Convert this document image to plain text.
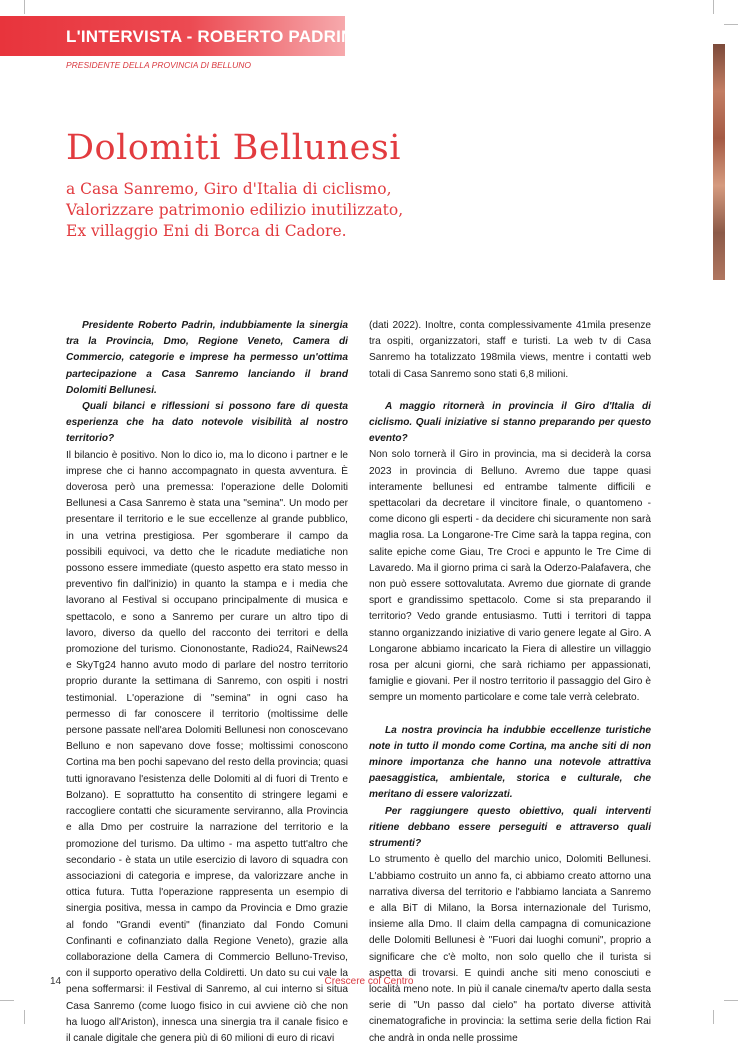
L'INTERVISTA - ROBERTO PADRIN
PRESIDENTE DELLA PROVINCIA DI BELLUNO
Dolomiti Bellunesi
a Casa Sanremo, Giro d'Italia di ciclismo,
Valorizzare patrimonio edilizio inutilizzato,
Ex villaggio Eni di Borca di Cadore.

Presidente Roberto Padrin, indubbiamente la sinergia tra la Provincia, Dmo, Regione Veneto, Camera di Commercio, categorie e imprese ha permesso un'ottima partecipazione a Casa Sanremo lanciando il brand Dolomiti Bellunesi.

Quali bilanci e riflessioni si possono fare di questa esperienza che ha dato notevole visibilità al nostro territorio?

Il bilancio è positivo. Non lo dico io, ma lo dicono i partner e le imprese che ci hanno accompagnato in questa avventura. È doverosa però una premessa: l'operazione delle Dolomiti Bellunesi a Casa Sanremo è stata una "semina". Un modo per presentare il territorio e le sue eccellenze al grande pubblico, in una vetrina prestigiosa. Per sgomberare il campo da possibili equivoci, va detto che le ricadute mediatiche non possono essere immediate (questo aspetto era stato messo in preventivo fin dall'inizio) in quanto la stampa e i media che lavorano al Festival si occupano principalmente di musica e spettacolo, e sono a Sanremo per curare un altro tipo di lavoro, diverso da quello del racconto dei territori e della promozione del turismo. Ciononostante, Radio24, RaiNews24 e SkyTg24 hanno avuto modo di parlare del nostro territorio proprio durante la settimana di Sanremo, con ospiti i nostri testimonial. L'operazione di "semina" in ogni caso ha permesso di far conoscere il territorio (moltissime delle persone passate nell'area Dolomiti Bellunesi non conoscevano Belluno e non sapevano dove fosse; moltissimi conoscono Cortina ma ben pochi sapevano del resto della provincia; quasi tutti ignoravano l'esistenza delle Dolomiti al di fuori di Trento e Bolzano). E soprattutto ha consentito di stringere legami e raccogliere contatti che sicuramente serviranno, alla Provincia e alla Dmo per costruire la narrazione del territorio e la promozione del turismo. Da ultimo - ma aspetto tutt'altro che secondario - è stata un utile esercizio di lavoro di squadra con associazioni di categoria e imprese, da valorizzare anche in ottica futura. Tutta l'operazione rappresenta un esempio di sinergia positiva, messa in campo da Provincia e Dmo grazie al fondo "Grandi eventi" (finanziato dal Fondo Comuni Confinanti e cofinanziato dalla Regione Veneto), grazie alla collaborazione della Camera di Commercio Belluno-Treviso, con il supporto operativo della Coldiretti. Un dato su cui vale la pena soffermarsi: il Festival di Sanremo, al cui interno si situa Casa Sanremo (come luogo fisico in cui avviene ciò che non ha luogo all'Ariston), innesca una sinergia tra il canale fisico e il canale digitale che genera più di 60 milioni di euro di ricavi

(dati 2022). Inoltre, conta complessivamente 41mila presenze tra ospiti, organizzatori, staff e turisti. La web tv di Casa Sanremo ha totalizzato 198mila views, mentre i contatti web totali di Casa Sanremo sono stati 6,8 milioni.

A maggio ritornerà in provincia il Giro d'Italia di ciclismo. Quali iniziative si stanno preparando per questo evento?

Non solo tornerà il Giro in provincia, ma si deciderà la corsa 2023 in provincia di Belluno. Avremo due tappe quasi interamente bellunesi ed entrambe talmente difficili e spettacolari da decretare il vincitore finale, o quantomeno - come dicono gli esperti - da decidere chi sicuramente non sarà maglia rosa. La Longarone-Tre Cime sarà la tappa regina, con salite epiche come Giau, Tre Croci e appunto le Tre Cime di Lavaredo. Ma il giorno prima ci sarà la Oderzo-Palafavera, che non può essere sottovalutata. Avremo due giornate di grande sport e grandissimo spettacolo. Come si sta preparando il territorio? Vedo grande entusiasmo. Tutti i territori di tappa stanno organizzando iniziative di vario genere legate al Giro. A Longarone abbiamo incaricato la Fiera di allestire un villaggio rosa per alcuni giorni, che sarà richiamo per appassionati, famiglie e giovani. Per il nostro territorio il passaggio del Giro è sempre un momento particolare e come tale verrà celebrato.

La nostra provincia ha indubbie eccellenze turistiche note in tutto il mondo come Cortina, ma anche siti di non minore importanza che hanno una notevole attrattiva paesaggistica, ambientale, storica e culturale, che meritano di essere valorizzati.

Per raggiungere questo obiettivo, quali interventi ritiene debbano essere perseguiti e attraverso quali strumenti?

Lo strumento è quello del marchio unico, Dolomiti Bellunesi. L'abbiamo costruito un anno fa, ci abbiamo creato attorno una narrativa diversa del territorio e l'abbiamo lanciata a Sanremo e alla BiT di Milano, la Borsa internazionale del Turismo, insieme alla Dmo. Il claim della campagna di comunicazione delle Dolomiti Bellunesi è "Fuori dai luoghi comuni", proprio a significare che c'è molto, non solo quello che il turista si aspetta di trovarsi. E quindi anche siti meno conosciuti e località meno note. In più il canale cinema/tv aperto dalla sesta serie di "Un passo dal cielo" ha portato diverse attività cinematografiche in provincia: la settima serie della fiction Rai che andrà in onda nelle prossime

14	Crescere col Centro
